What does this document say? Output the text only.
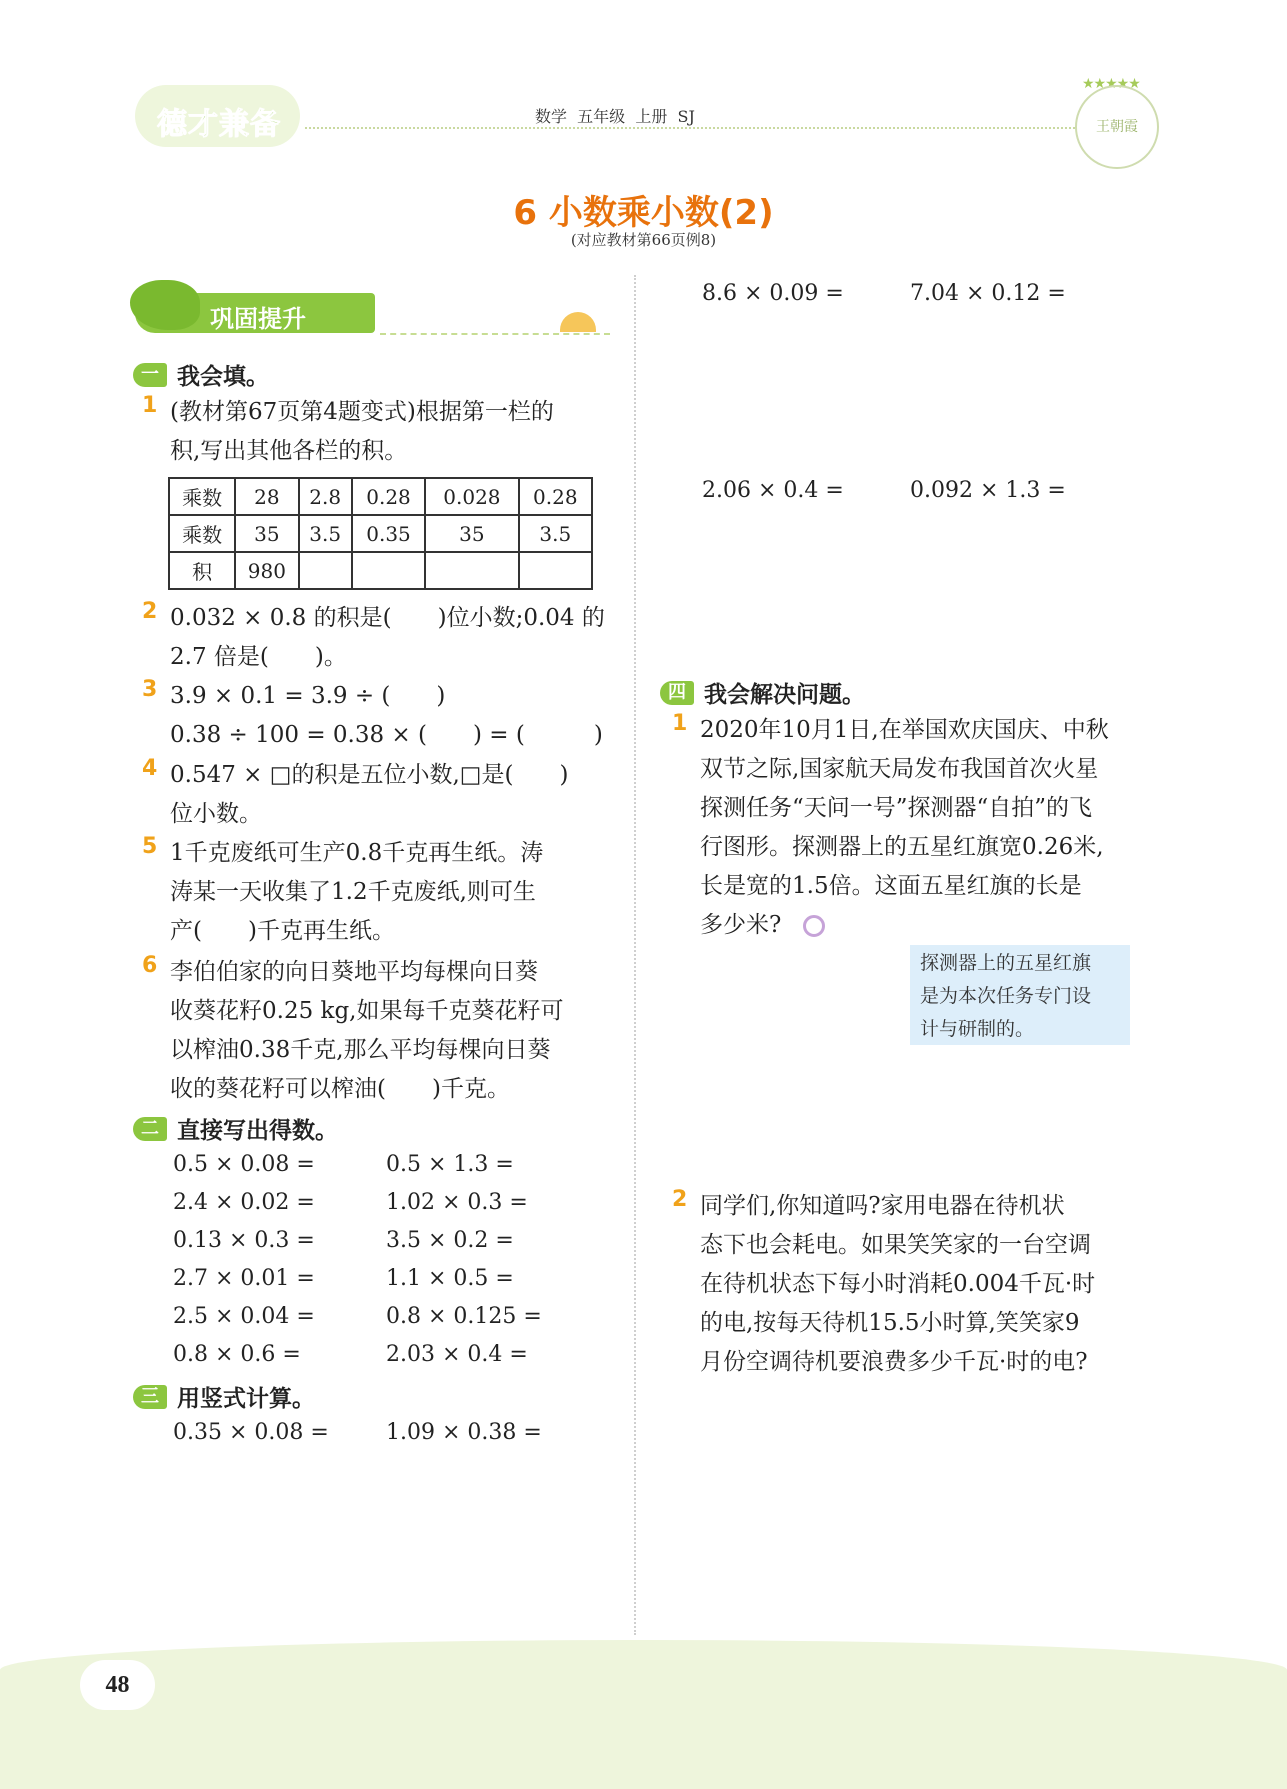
德才兼备	数学  五年级  上册  SJ
★★★★★
王朝霞
6 小数乘小数(2)
(对应教材第66页例8)
巩固提升
一 我会填。
1 (教材第67页第4题变式)根据第一栏的
积,写出其他各栏的积。
2 0.032 × 0.8 的积是(　　)位小数;0.04 的
2.7 倍是(　　)。
3 3.9 × 0.1 = 3.9 ÷ (　　)
0.38 ÷ 100 = 0.38 × (　　) = (　　　)
4 0.547 × □的积是五位小数,□是(　　)
位小数。
5 1千克废纸可生产0.8千克再生纸。涛
涛某一天收集了1.2千克废纸,则可生
产(　　)千克再生纸。
6 李伯伯家的向日葵地平均每棵向日葵
收葵花籽0.25 kg,如果每千克葵花籽可
以榨油0.38千克,那么平均每棵向日葵
收的葵花籽可以榨油(　　)千克。
乘数	28	2.8	0.28	0.028	0.28
乘数	35	3.5	0.35	35	3.5
积	980				
二 直接写出得数。
0.5 × 0.08 =	0.5 × 1.3 =
2.4 × 0.02 =	1.02 × 0.3 =
0.13 × 0.3 =	3.5 × 0.2 =
2.7 × 0.01 =	1.1 × 0.5 =
2.5 × 0.04 =	0.8 × 0.125 =
0.8 × 0.6 =	2.03 × 0.4 =
三 用竖式计算。
0.35 × 0.08 =	1.09 × 0.38 =
8.6 × 0.09 =	7.04 × 0.12 =
2.06 × 0.4 =	0.092 × 1.3 =
四 我会解决问题。
1 2020年10月1日,在举国欢庆国庆、中秋
双节之际,国家航天局发布我国首次火星
探测任务“天问一号”探测器“自拍”的飞
行图形。探测器上的五星红旗宽0.26米,
长是宽的1.5倍。这面五星红旗的长是
多少米?
探测器上的五星红旗
是为本次任务专门设
计与研制的。
2 同学们,你知道吗?家用电器在待机状
态下也会耗电。如果笑笑家的一台空调
在待机状态下每小时消耗0.004千瓦·时
的电,按每天待机15.5小时算,笑笑家9
月份空调待机要浪费多少千瓦·时的电?
48
